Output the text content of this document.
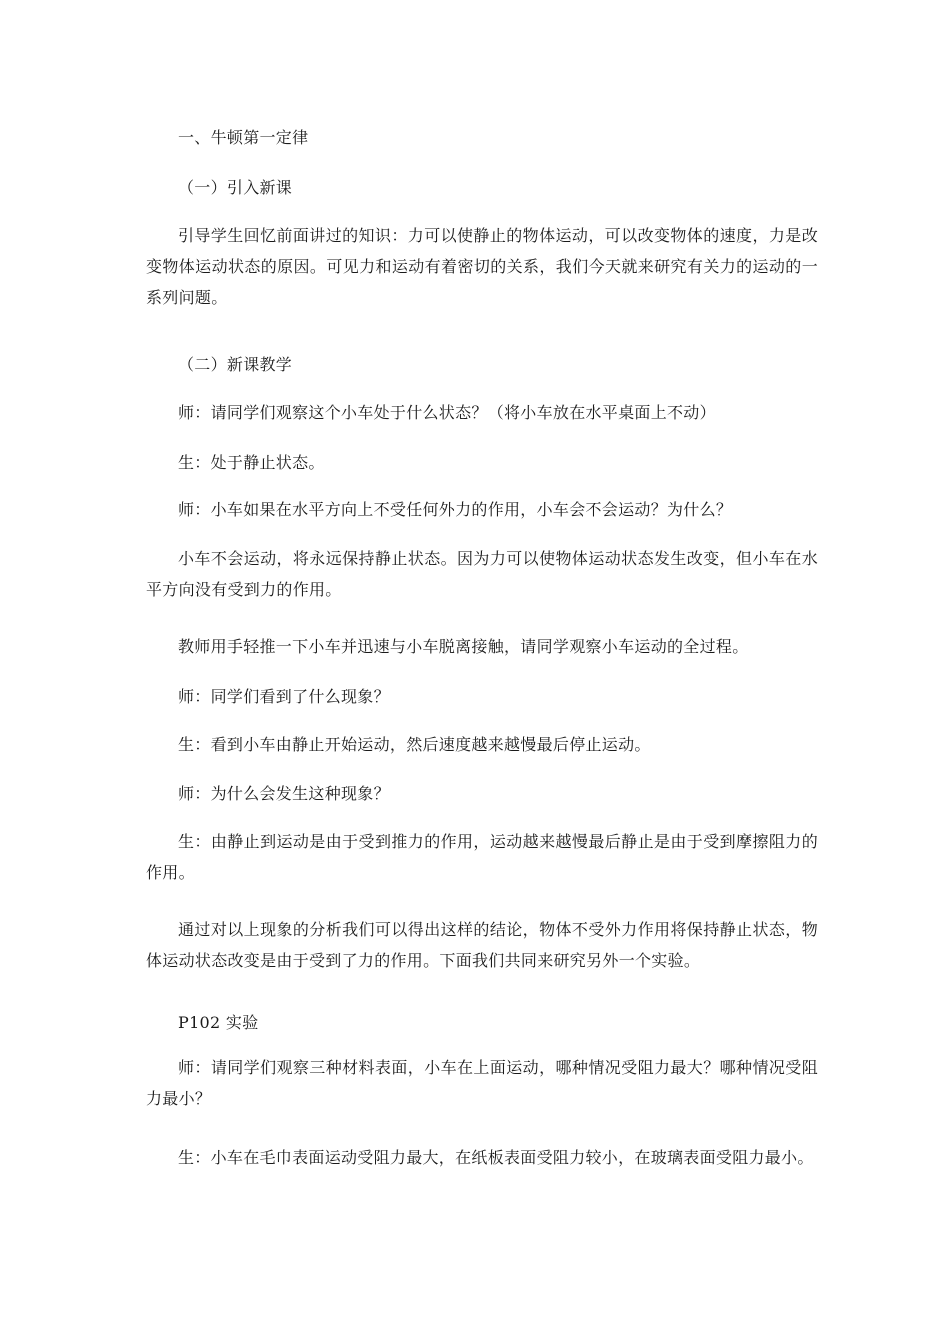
一、牛顿第一定律

（一）引入新课

引导学生回忆前面讲过的知识：力可以使静止的物体运动，可以改变物体的速度，力是改变物体运动状态的原因。可见力和运动有着密切的关系，我们今天就来研究有关力的运动的一系列问题。

（二）新课教学

师：请同学们观察这个小车处于什么状态？（将小车放在水平桌面上不动）

生：处于静止状态。

师：小车如果在水平方向上不受任何外力的作用，小车会不会运动？为什么？

小车不会运动，将永远保持静止状态。因为力可以使物体运动状态发生改变，但小车在水平方向没有受到力的作用。

教师用手轻推一下小车并迅速与小车脱离接触，请同学观察小车运动的全过程。

师：同学们看到了什么现象？

生：看到小车由静止开始运动，然后速度越来越慢最后停止运动。

师：为什么会发生这种现象？

生：由静止到运动是由于受到推力的作用，运动越来越慢最后静止是由于受到摩擦阻力的作用。

通过对以上现象的分析我们可以得出这样的结论，物体不受外力作用将保持静止状态，物体运动状态改变是由于受到了力的作用。下面我们共同来研究另外一个实验。

P102 实验

师：请同学们观察三种材料表面，小车在上面运动，哪种情况受阻力最大？哪种情况受阻力最小？

生：小车在毛巾表面运动受阻力最大，在纸板表面受阻力较小，在玻璃表面受阻力最小。
